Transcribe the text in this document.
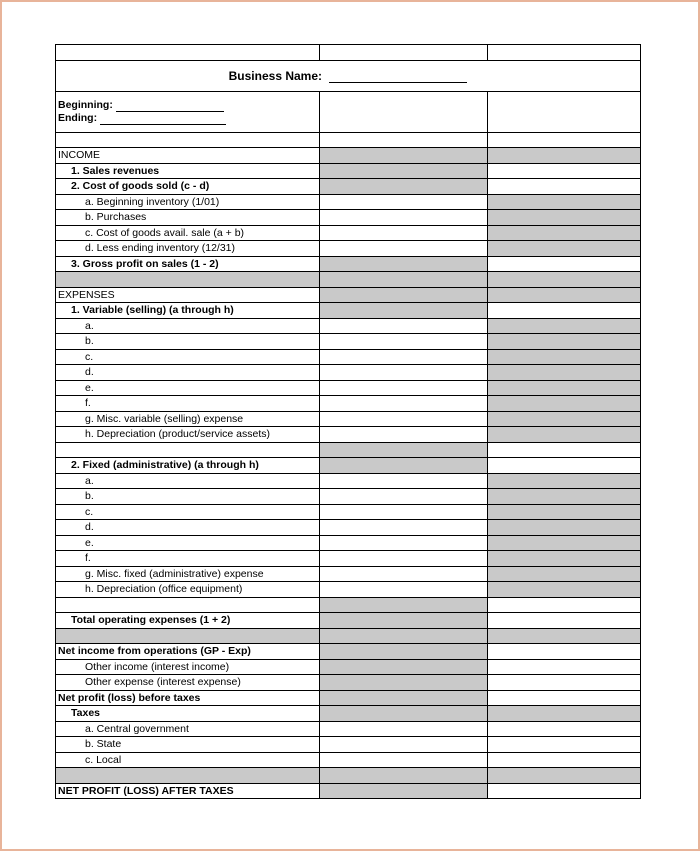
Business Name:		

Beginning:
Ending:		

INCOME		
1. Sales revenues		
2. Cost of goods sold (c - d)		
a. Beginning inventory (1/01)		
b. Purchases		
c. Cost of goods avail. sale (a + b)		
d. Less ending inventory (12/31)		
3. Gross profit on sales (1 - 2)		

EXPENSES		
1. Variable (selling) (a through h)		
a.		
b.		
c.		
d.		
e.		
f.		
g. Misc. variable (selling) expense		
h. Depreciation (product/service assets)		

2. Fixed (administrative) (a through h)		
a.		
b.		
c.		
d.		
e.		
f.		
g. Misc. fixed (administrative) expense		
h. Depreciation (office equipment)		

Total operating expenses (1 + 2)		

Net income from operations (GP - Exp)		
Other income (interest income)		
Other expense (interest expense)		
Net profit (loss) before taxes		
Taxes		
a. Central government		
b. State		
c. Local		

NET PROFIT (LOSS) AFTER TAXES		
